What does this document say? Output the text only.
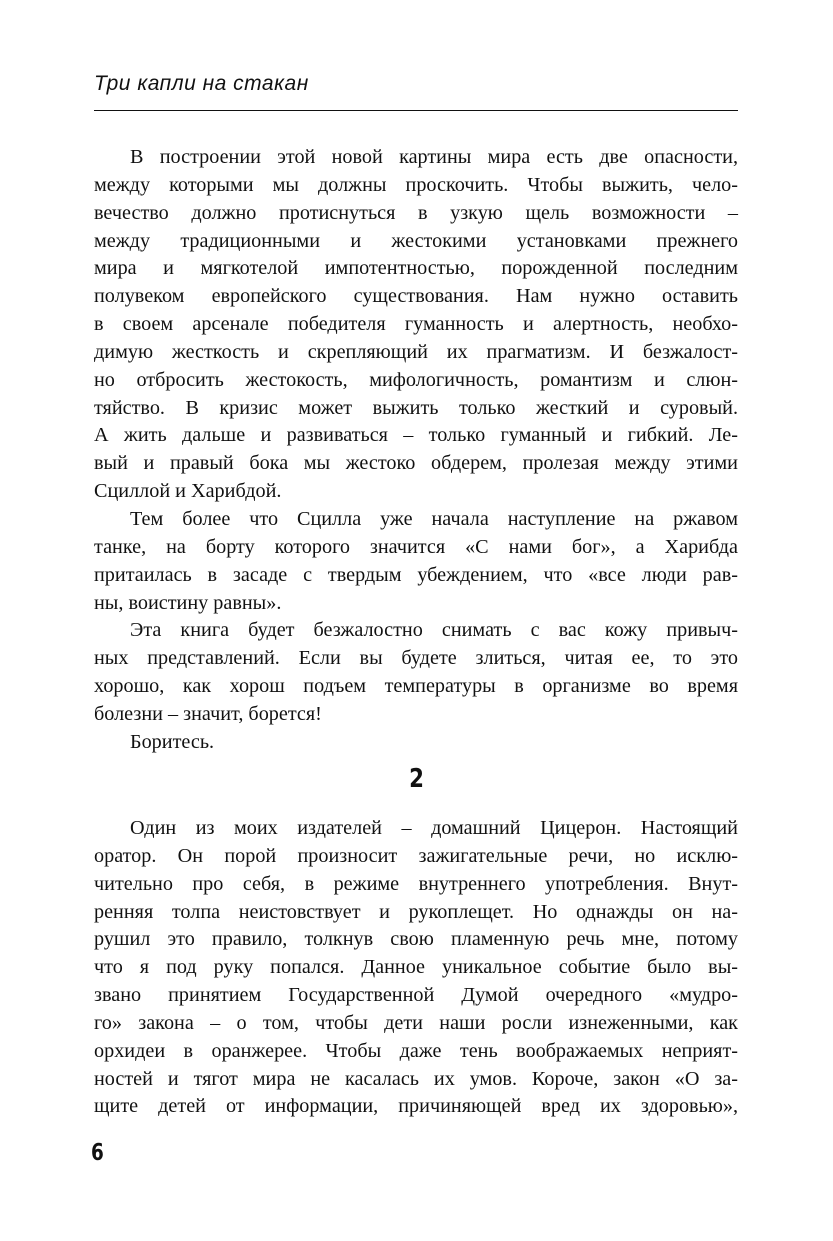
Три капли на стакан
В построении этой новой картины мира есть две опасности,
между которыми мы должны проскочить. Чтобы выжить, чело-
вечество должно протиснуться в узкую щель возможности –
между традиционными и жестокими установками прежнего
мира и мягкотелой импотентностью, порожденной последним
полувеком европейского существования. Нам нужно оставить
в своем арсенале победителя гуманность и алертность, необхо-
димую жесткость и скрепляющий их прагматизм. И безжалост-
но отбросить жестокость, мифологичность, романтизм и слюн-
тяйство. В кризис может выжить только жесткий и суровый.
А жить дальше и развиваться – только гуманный и гибкий. Ле-
вый и правый бока мы жестоко обдерем, пролезая между этими
Сциллой и Харибдой.
Тем более что Сцилла уже начала наступление на ржавом
танке, на борту которого значится «С нами бог», а Харибда
притаилась в засаде с твердым убеждением, что «все люди рав-
ны, воистину равны».
Эта книга будет безжалостно снимать с вас кожу привыч-
ных представлений. Если вы будете злиться, читая ее, то это
хорошо, как хорош подъем температуры в организме во время
болезни – значит, борется!
Боритесь.
2
Один из моих издателей – домашний Цицерон. Настоящий
оратор. Он порой произносит зажигательные речи, но исклю-
чительно про себя, в режиме внутреннего употребления. Внут-
ренняя толпа неистовствует и рукоплещет. Но однажды он на-
рушил это правило, толкнув свою пламенную речь мне, потому
что я под руку попался. Данное уникальное событие было вы-
звано принятием Государственной Думой очередного «мудро-
го» закона – о том, чтобы дети наши росли изнеженными, как
орхидеи в оранжерее. Чтобы даже тень воображаемых неприят-
ностей и тягот мира не касалась их умов. Короче, закон «О за-
щите детей от информации, причиняющей вред их здоровью»,
6
